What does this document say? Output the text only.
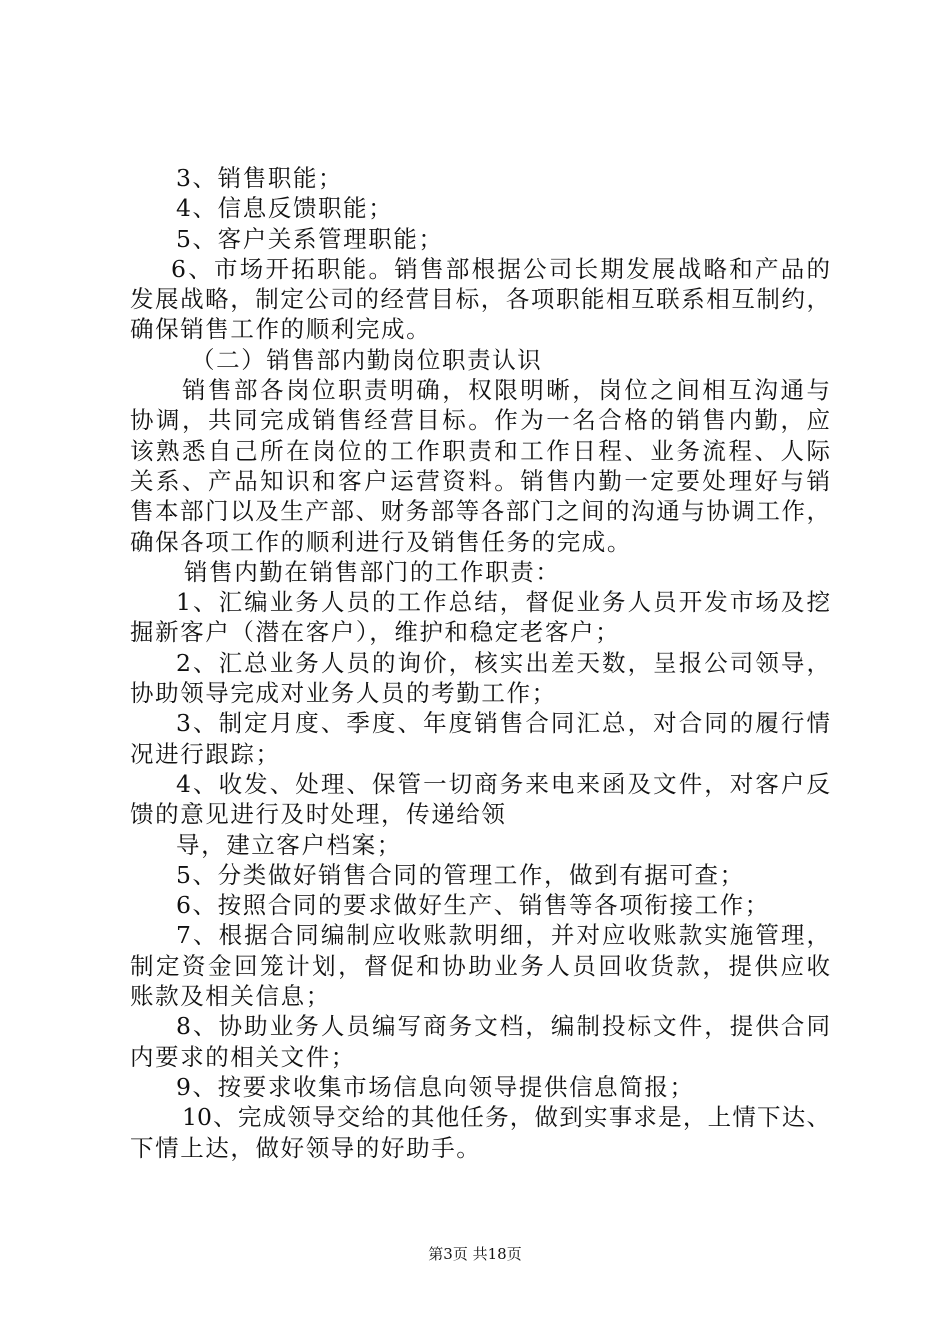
3、销售职能；
4、信息反馈职能；
5、客户关系管理职能；
6、市场开拓职能。销售部根据公司长期发展战略和产品的
发展战略，制定公司的经营目标，各项职能相互联系相互制约，
确保销售工作的顺利完成。
（二）销售部内勤岗位职责认识
销售部各岗位职责明确，权限明晰，岗位之间相互沟通与
协调，共同完成销售经营目标。作为一名合格的销售内勤，应
该熟悉自己所在岗位的工作职责和工作日程、业务流程、人际
关系、产品知识和客户运营资料。销售内勤一定要处理好与销
售本部门以及生产部、财务部等各部门之间的沟通与协调工作，
确保各项工作的顺利进行及销售任务的完成。
销售内勤在销售部门的工作职责：
1、汇编业务人员的工作总结，督促业务人员开发市场及挖
掘新客户（潜在客户），维护和稳定老客户；
2、汇总业务人员的询价，核实出差天数，呈报公司领导，
协助领导完成对业务人员的考勤工作；
3、制定月度、季度、年度销售合同汇总，对合同的履行情
况进行跟踪；
4、收发、处理、保管一切商务来电来函及文件，对客户反
馈的意见进行及时处理，传递给领
导，建立客户档案；
5、分类做好销售合同的管理工作，做到有据可查；
6、按照合同的要求做好生产、销售等各项衔接工作；
7、根据合同编制应收账款明细，并对应收账款实施管理，
制定资金回笼计划，督促和协助业务人员回收货款，提供应收
账款及相关信息；
8、协助业务人员编写商务文档，编制投标文件，提供合同
内要求的相关文件；
9、按要求收集市场信息向领导提供信息简报；
10、完成领导交给的其他任务，做到实事求是，上情下达、
下情上达，做好领导的好助手。
第3页 共18页
